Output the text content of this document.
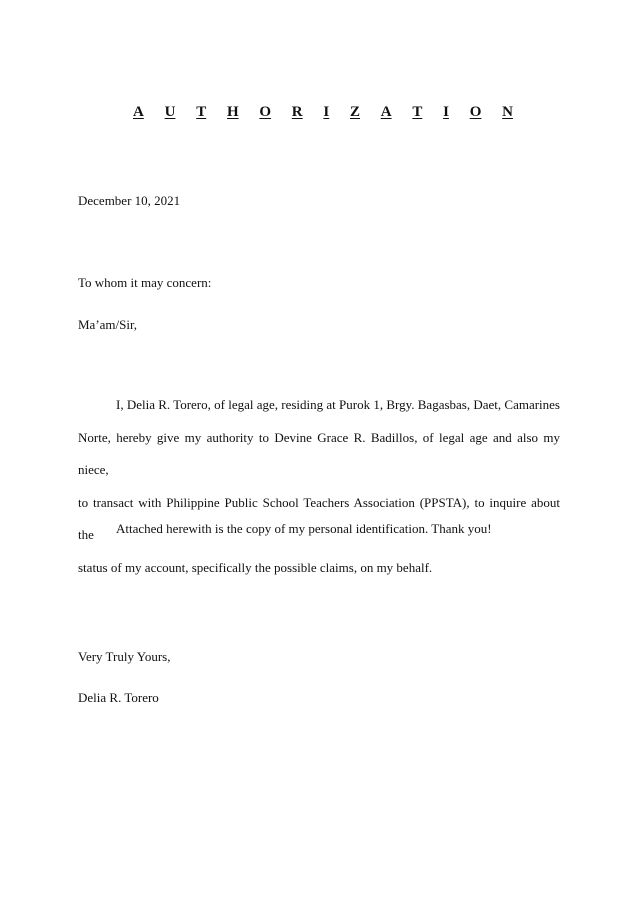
A U T H O R I Z A T I O N
December 10, 2021
To whom it may concern:
Ma’am/Sir,

I, Delia R. Torero, of legal age, residing at Purok 1, Brgy. Bagasbas, Daet, Camarines

Norte, hereby give my authority to Devine Grace R. Badillos, of legal age and also my niece,

to transact with Philippine Public School Teachers Association (PPSTA), to inquire about the

status of my account, specifically the possible claims, on my behalf.

Attached herewith is the copy of my personal identification. Thank you!

Very Truly Yours,
Delia R. Torero
